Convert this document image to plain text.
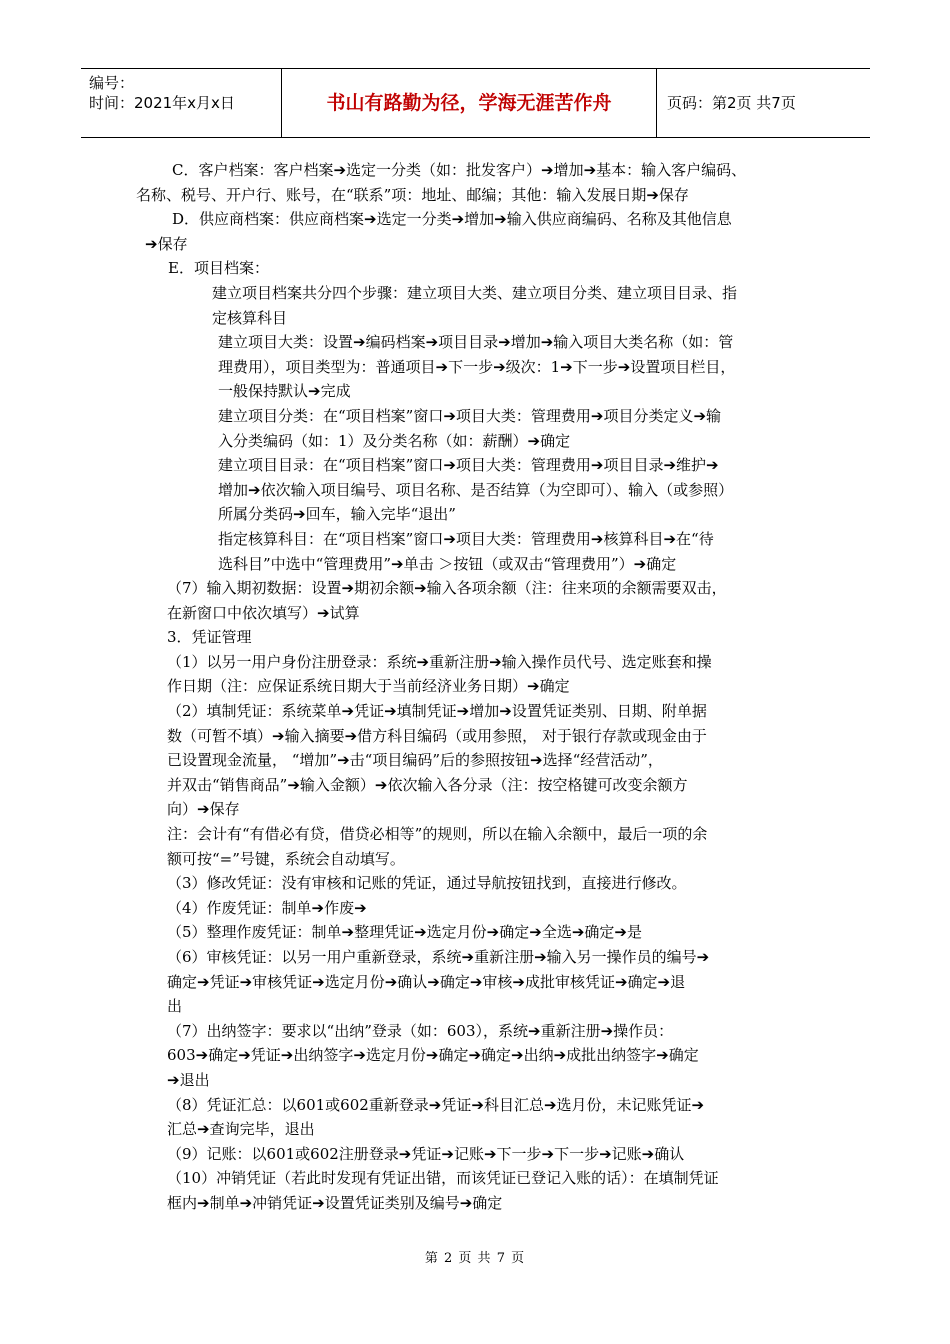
编号：
时间：2021年x月x日	书山有路勤为径，学海无涯苦作舟	页码：第2页 共7页

C．客户档案：客户档案➔选定一分类（如：批发客户）➔增加➔基本：输入客户编码、

名称、税号、开户行、账号，在“联系”项：地址、邮编；其他：输入发展日期➔保存

D．供应商档案：供应商档案➔选定一分类➔增加➔输入供应商编码、名称及其他信息

➔保存

E．项目档案：

建立项目档案共分四个步骤：建立项目大类、建立项目分类、建立项目目录、指

定核算科目

建立项目大类：设置➔编码档案➔项目目录➔增加➔输入项目大类名称（如：管

理费用），项目类型为：普通项目➔下一步➔级次：1➔下一步➔设置项目栏目，

一般保持默认➔完成

建立项目分类：在“项目档案”窗口➔项目大类：管理费用➔项目分类定义➔输

入分类编码（如：1）及分类名称（如：薪酬）➔确定

建立项目目录：在“项目档案”窗口➔项目大类：管理费用➔项目目录➔维护➔

增加➔依次输入项目编号、项目名称、是否结算（为空即可）、输入（或参照）

所属分类码➔回车，输入完毕“退出”

指定核算科目：在“项目档案”窗口➔项目大类：管理费用➔核算科目➔在“待

选科目”中选中“管理费用”➔单击 ＞按钮（或双击“管理费用”）➔确定

（7）输入期初数据：设置➔期初余额➔输入各项余额（注：往来项的余额需要双击，

在新窗口中依次填写）➔试算

3．凭证管理

（1）以另一用户身份注册登录：系统➔重新注册➔输入操作员代号、选定账套和操

作日期（注：应保证系统日期大于当前经济业务日期）➔确定

（2）填制凭证：系统菜单➔凭证➔填制凭证➔增加➔设置凭证类别、日期、附单据

数（可暂不填）➔输入摘要➔借方科目编码（或用参照， 对于银行存款或现金由于

已设置现金流量， “增加”➔击“项目编码”后的参照按钮➔选择“经营活动”，

并双击“销售商品”➔输入金额）➔依次输入各分录（注：按空格键可改变余额方

向）➔保存

注：会计有“有借必有贷，借贷必相等”的规则，所以在输入余额中，最后一项的余

额可按“=”号键，系统会自动填写。

（3）修改凭证：没有审核和记账的凭证，通过导航按钮找到，直接进行修改。

（4）作废凭证：制单➔作废➔

（5）整理作废凭证：制单➔整理凭证➔选定月份➔确定➔全选➔确定➔是

（6）审核凭证：以另一用户重新登录，系统➔重新注册➔输入另一操作员的编号➔

确定➔凭证➔审核凭证➔选定月份➔确认➔确定➔审核➔成批审核凭证➔确定➔退

出

（7）出纳签字：要求以“出纳”登录（如：603），系统➔重新注册➔操作员：

603➔确定➔凭证➔出纳签字➔选定月份➔确定➔确定➔出纳➔成批出纳签字➔确定

➔退出

（8）凭证汇总：以601或602重新登录➔凭证➔科目汇总➔选月份，未记账凭证➔

汇总➔查询完毕，退出

（9）记账：以601或602注册登录➔凭证➔记账➔下一步➔下一步➔记账➔确认

（10）冲销凭证（若此时发现有凭证出错，而该凭证已登记入账的话）：在填制凭证

框内➔制单➔冲销凭证➔设置凭证类别及编号➔确定

第 2 页 共 7 页
